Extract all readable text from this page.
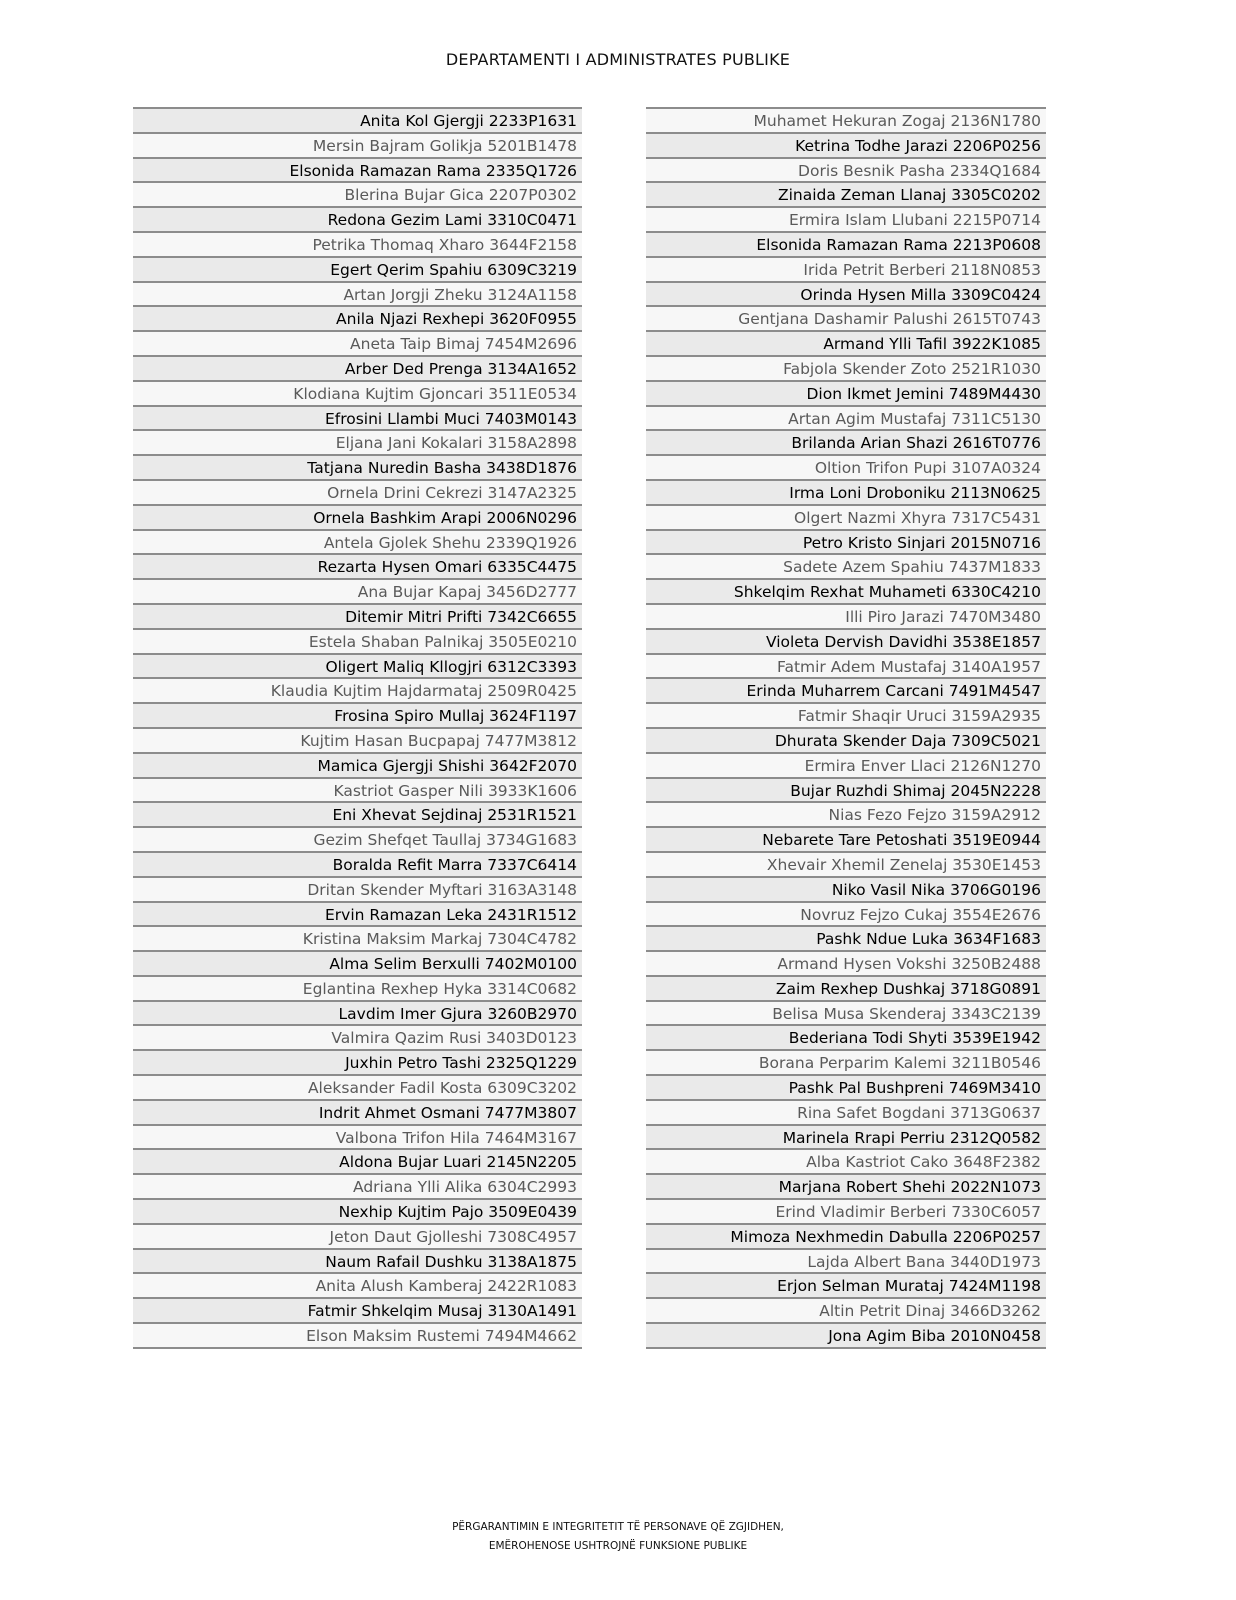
DEPARTAMENTI I ADMINISTRATES PUBLIKE
Anita Kol Gjergji 2233P1631
Mersin Bajram Golikja 5201B1478
Elsonida Ramazan Rama 2335Q1726
Blerina Bujar Gica 2207P0302
Redona Gezim Lami 3310C0471
Petrika Thomaq Xharo 3644F2158
Egert Qerim Spahiu 6309C3219
Artan Jorgji Zheku 3124A1158
Anila Njazi Rexhepi 3620F0955
Aneta Taip Bimaj 7454M2696
Arber Ded Prenga 3134A1652
Klodiana Kujtim Gjoncari 3511E0534
Efrosini Llambi Muci 7403M0143
Eljana Jani Kokalari 3158A2898
Tatjana Nuredin Basha 3438D1876
Ornela Drini Cekrezi 3147A2325
Ornela Bashkim Arapi 2006N0296
Antela Gjolek Shehu 2339Q1926
Rezarta Hysen Omari 6335C4475
Ana Bujar Kapaj 3456D2777
Ditemir Mitri Prifti 7342C6655
Estela Shaban Palnikaj 3505E0210
Oligert Maliq Kllogjri 6312C3393
Klaudia Kujtim Hajdarmataj 2509R0425
Frosina Spiro Mullaj 3624F1197
Kujtim Hasan Bucpapaj 7477M3812
Mamica Gjergji Shishi 3642F2070
Kastriot Gasper Nili 3933K1606
Eni Xhevat Sejdinaj 2531R1521
Gezim Shefqet Taullaj 3734G1683
Boralda Refit Marra 7337C6414
Dritan Skender Myftari 3163A3148
Ervin Ramazan Leka 2431R1512
Kristina Maksim Markaj 7304C4782
Alma Selim Berxulli 7402M0100
Eglantina Rexhep Hyka 3314C0682
Lavdim Imer Gjura 3260B2970
Valmira Qazim Rusi 3403D0123
Juxhin Petro Tashi 2325Q1229
Aleksander Fadil Kosta 6309C3202
Indrit Ahmet Osmani 7477M3807
Valbona Trifon Hila 7464M3167
Aldona Bujar Luari 2145N2205
Adriana Ylli Alika 6304C2993
Nexhip Kujtim Pajo 3509E0439
Jeton Daut Gjolleshi 7308C4957
Naum Rafail Dushku 3138A1875
Anita Alush Kamberaj 2422R1083
Fatmir Shkelqim Musaj 3130A1491
Elson Maksim Rustemi 7494M4662
Muhamet Hekuran Zogaj 2136N1780
Ketrina Todhe Jarazi 2206P0256
Doris Besnik Pasha 2334Q1684
Zinaida Zeman Llanaj 3305C0202
Ermira Islam Llubani 2215P0714
Elsonida Ramazan Rama 2213P0608
Irida Petrit Berberi 2118N0853
Orinda Hysen Milla 3309C0424
Gentjana Dashamir Palushi 2615T0743
Armand Ylli Tafil 3922K1085
Fabjola Skender Zoto 2521R1030
Dion Ikmet Jemini 7489M4430
Artan Agim Mustafaj 7311C5130
Brilanda Arian Shazi 2616T0776
Oltion Trifon Pupi 3107A0324
Irma Loni Droboniku 2113N0625
Olgert Nazmi Xhyra 7317C5431
Petro Kristo Sinjari 2015N0716
Sadete Azem Spahiu 7437M1833
Shkelqim Rexhat Muhameti 6330C4210
Illi Piro Jarazi 7470M3480
Violeta Dervish Davidhi 3538E1857
Fatmir Adem Mustafaj 3140A1957
Erinda Muharrem Carcani 7491M4547
Fatmir Shaqir Uruci 3159A2935
Dhurata Skender Daja 7309C5021
Ermira Enver Llaci 2126N1270
Bujar Ruzhdi Shimaj 2045N2228
Nias Fezo Fejzo 3159A2912
Nebarete Tare Petoshati 3519E0944
Xhevair Xhemil Zenelaj 3530E1453
Niko Vasil Nika 3706G0196
Novruz Fejzo Cukaj 3554E2676
Pashk Ndue Luka 3634F1683
Armand Hysen Vokshi 3250B2488
Zaim Rexhep Dushkaj 3718G0891
Belisa Musa Skenderaj 3343C2139
Bederiana Todi Shyti 3539E1942
Borana Perparim Kalemi 3211B0546
Pashk Pal Bushpreni 7469M3410
Rina Safet Bogdani 3713G0637
Marinela Rrapi Perriu 2312Q0582
Alba Kastriot Cako 3648F2382
Marjana Robert Shehi 2022N1073
Erind Vladimir Berberi 7330C6057
Mimoza Nexhmedin Dabulla 2206P0257
Lajda Albert Bana 3440D1973
Erjon Selman Murataj 7424M1198
Altin Petrit Dinaj 3466D3262
Jona Agim Biba 2010N0458
PËRGARANTIMIN E INTEGRITETIT TË PERSONAVE QË ZGJIDHEN,
EMËROHENOSE USHTROJNË FUNKSIONE PUBLIKE
